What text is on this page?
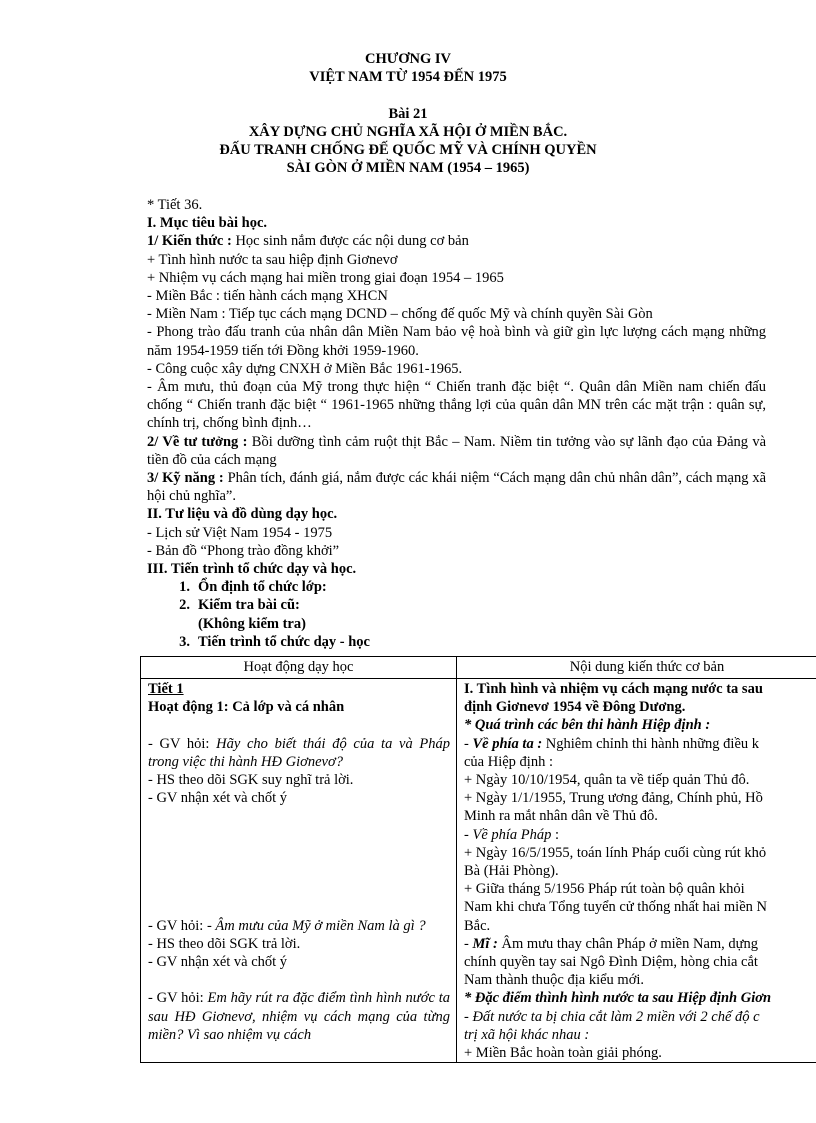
CHƯƠNG IV
VIỆT NAM TỪ 1954 ĐẾN 1975
Bài 21
XÂY DỰNG CHỦ NGHĨA XÃ HỘI Ở MIỀN BẮC.
ĐẤU TRANH CHỐNG ĐẾ QUỐC MỸ VÀ CHÍNH QUYỀN
SÀI GÒN Ở MIỀN NAM (1954 – 1965)

* Tiết 36.

I. Mục tiêu bài học.

1/ Kiến thức : Học sinh nắm được các nội dung cơ bản

+ Tình hình nước ta sau hiệp định Giơnevơ

+ Nhiệm vụ cách mạng hai miền trong giai đoạn 1954 – 1965

- Miền Bắc : tiến hành cách mạng XHCN

- Miền Nam : Tiếp tục cách mạng DCND – chống đế quốc Mỹ và chính quyền Sài Gòn

- Phong trào đấu tranh của nhân dân Miền Nam bảo vệ hoà bình và giữ gìn lực lượng cách mạng những năm 1954-1959 tiến tới Đồng khởi 1959-1960.

- Công cuộc xây dựng CNXH ở Miền Bắc 1961-1965.

- Âm mưu, thủ đoạn của Mỹ trong thực hiện “ Chiến tranh đặc biệt “. Quân dân Miền nam chiến đấu chống “ Chiến tranh đặc biệt “ 1961-1965 những thắng lợi của quân dân MN trên các mặt trận : quân sự, chính trị, chống bình định…

2/ Về tư tưởng : Bồi dưỡng tình cảm ruột thịt Bắc – Nam. Niềm tin tưởng vào sự lãnh đạo của Đảng và tiền đồ của cách mạng

3/ Kỹ năng : Phân tích, đánh giá, nắm được các khái niệm “Cách mạng dân chủ nhân dân”, cách mạng xã hội chủ nghĩa”.

II. Tư liệu và đồ dùng dạy học.

- Lịch sử Việt Nam 1954 - 1975

- Bản đồ “Phong trào đồng khởi”

III. Tiến trình tổ chức dạy và học.

1. Ổn định tổ chức lớp:
2. Kiểm tra bài cũ:
(Không kiểm tra)
3. Tiến trình tổ chức dạy - học
Hoạt động dạy học

Tiết 1

Hoạt động 1: Cả lớp và cá nhân

- GV hỏi: Hãy cho biết thái độ của ta và Pháp trong việc thi hành HĐ Giơnevơ?

- HS theo dõi SGK suy nghĩ trả lời.

- GV nhận xét và chốt ý

- GV hỏi: - Âm mưu của Mỹ ở miền Nam là gì ?

- HS theo dõi SGK trả lời.

- GV nhận xét và chốt ý

- GV hỏi: Em hãy rút ra đặc điểm tình hình nước ta sau HĐ Giơnevơ, nhiệm vụ cách mạng của từng miền? Vì sao nhiệm vụ cách

Nội dung kiến thức cơ bản

I. Tình hình và nhiệm vụ cách mạng nước ta sau

định Giơnevơ 1954 về Đông Dương.

* Quá trình các bên thi hành Hiệp định :

- Về phía ta : Nghiêm chỉnh thi hành những điều k

của Hiệp định :

+ Ngày 10/10/1954, quân ta về tiếp quản Thủ đô.

+ Ngày 1/1/1955, Trung ương đảng, Chính phủ, Hồ

Minh ra mắt nhân dân về Thủ đô.

- Về phía Pháp :

+ Ngày 16/5/1955, toán lính Pháp cuối cùng rút khỏ

Bà (Hải Phòng).

+ Giữa tháng 5/1956 Pháp rút toàn bộ quân khỏi

Nam khi chưa Tổng tuyển cử thống nhất hai miền N

Bắc.

- Mĩ : Âm mưu thay chân Pháp ở miền Nam, dựng

chính quyền tay sai Ngô Đình Diệm, hòng chia cắt

Nam thành thuộc địa kiểu mới.

* Đặc điểm thình hình nước ta sau Hiệp định Giơn

- Đất nước ta bị chia cắt làm 2 miền với 2 chế độ c

trị xã hội khác nhau :

+ Miền Bắc hoàn toàn giải phóng.
